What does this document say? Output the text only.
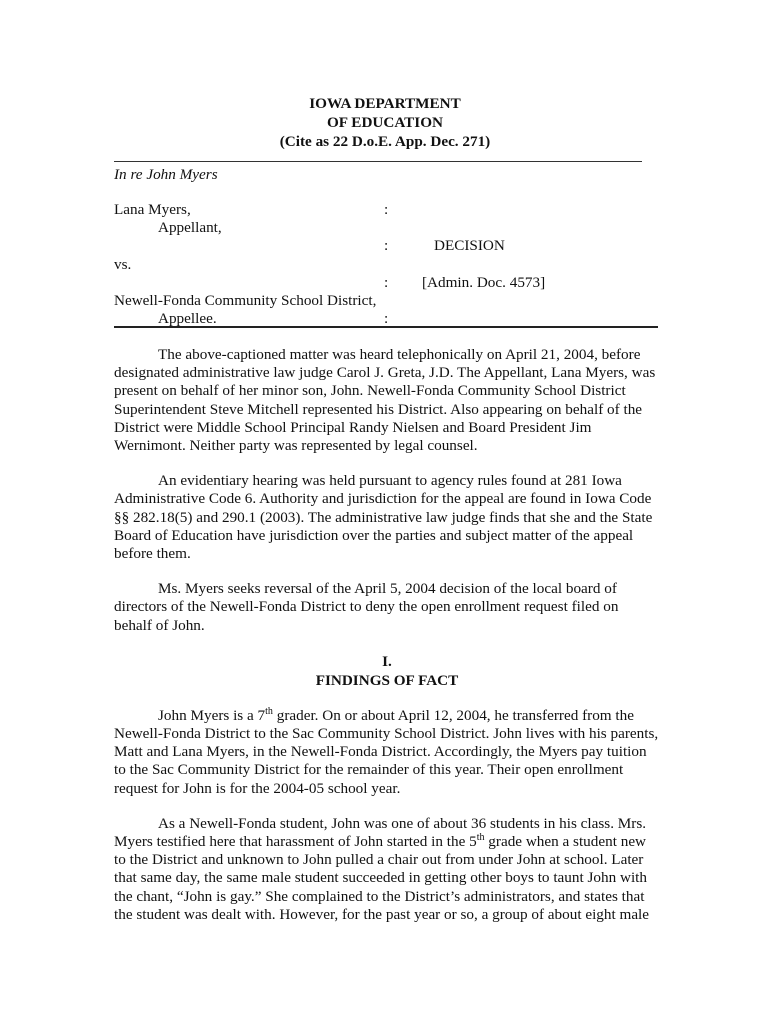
IOWA DEPARTMENT
OF EDUCATION
(Cite as 22 D.o.E. App. Dec. 271)
In re John Myers
Lana Myers,	:
Appellant,
:	DECISION
vs.
: [Admin. Doc. 4573]
Newell-Fonda Community School District,
Appellee.	:

The above-captioned matter was heard telephonically on April 21, 2004, before designated administrative law judge Carol J. Greta, J.D. The Appellant, Lana Myers, was present on behalf of her minor son, John. Newell-Fonda Community School District Superintendent Steve Mitchell represented his District. Also appearing on behalf of the District were Middle School Principal Randy Nielsen and Board President Jim Wernimont. Neither party was represented by legal counsel.

An evidentiary hearing was held pursuant to agency rules found at 281 Iowa Administrative Code 6. Authority and jurisdiction for the appeal are found in Iowa Code §§ 282.18(5) and 290.1 (2003). The administrative law judge finds that she and the State Board of Education have jurisdiction over the parties and subject matter of the appeal before them.

Ms. Myers seeks reversal of the April 5, 2004 decision of the local board of directors of the Newell-Fonda District to deny the open enrollment request filed on behalf of John.

I.
FINDINGS OF FACT

John Myers is a 7th grader. On or about April 12, 2004, he transferred from the Newell-Fonda District to the Sac Community School District. John lives with his parents, Matt and Lana Myers, in the Newell-Fonda District. Accordingly, the Myers pay tuition to the Sac Community District for the remainder of this year. Their open enrollment request for John is for the 2004-05 school year.

As a Newell-Fonda student, John was one of about 36 students in his class. Mrs. Myers testified here that harassment of John started in the 5th grade when a student new to the District and unknown to John pulled a chair out from under John at school. Later that same day, the same male student succeeded in getting other boys to taunt John with the chant, “John is gay.” She complained to the District’s administrators, and states that the student was dealt with. However, for the past year or so, a group of about eight male
